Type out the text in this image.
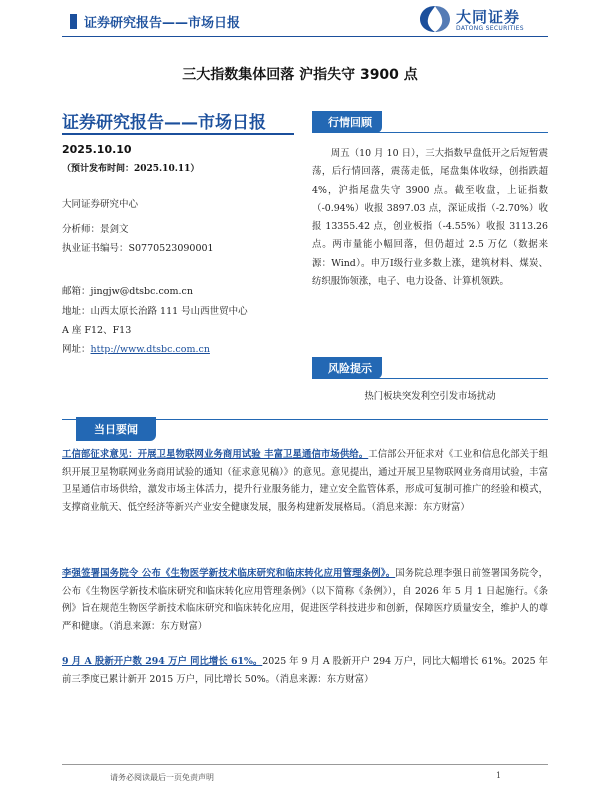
证券研究报告——市场日报	大同证券
DATONG SECURITIES
三大指数集体回落 沪指失守 3900 点
证券研究报告——市场日报
2025.10.10
（预计发布时间：2025.10.11）
大同证券研究中心
分析师：景剑文
执业证书编号：S0770523090001
邮箱：jingjw@dtsbc.com.cn
地址：山西太原长治路 111 号山西世贸中心
A 座 F12、F13
网址：http://www.dtsbc.com.cn
行情回顾
周五（10 月 10 日），三大指数早盘低开之后短暂震荡，后行情回落，震荡走低，尾盘集体收绿，创指跌超 4%，沪指尾盘失守 3900 点。截至收盘，上证指数（-0.94%）收报 3897.03 点，深证成指（-2.70%）收报 13355.42 点，创业板指（-4.55%）收报 3113.26 点。两市量能小幅回落，但仍超过 2.5 万亿（数据来源：Wind）。申万Ⅰ级行业多数上涨，建筑材料、煤炭、纺织服饰领涨，电子、电力设备、计算机领跌。
风险提示
热门板块突发利空引发市场扰动
当日要闻
工信部征求意见：开展卫星物联网业务商用试验 丰富卫星通信市场供给。工信部公开征求对《工业和信息化部关于组织开展卫星物联网业务商用试验的通知（征求意见稿）》的意见。意见提出，通过开展卫星物联网业务商用试验，丰富卫星通信市场供给，激发市场主体活力，提升行业服务能力，建立安全监管体系，形成可复制可推广的经验和模式，支撑商业航天、低空经济等新兴产业安全健康发展，服务构建新发展格局。（消息来源：东方财富）
李强签署国务院令 公布《生物医学新技术临床研究和临床转化应用管理条例》。国务院总理李强日前签署国务院令，公布《生物医学新技术临床研究和临床转化应用管理条例》（以下简称《条例》），自 2026 年 5 月 1 日起施行。《条例》旨在规范生物医学新技术临床研究和临床转化应用，促进医学科技进步和创新，保障医疗质量安全，维护人的尊严和健康。（消息来源：东方财富）
9 月 A 股新开户数 294 万户 同比增长 61%。2025 年 9 月 A 股新开户 294 万户，同比大幅增长 61%。2025 年前三季度已累计新开 2015 万户，同比增长 50%。（消息来源：东方财富）
请务必阅读最后一页免责声明	1
